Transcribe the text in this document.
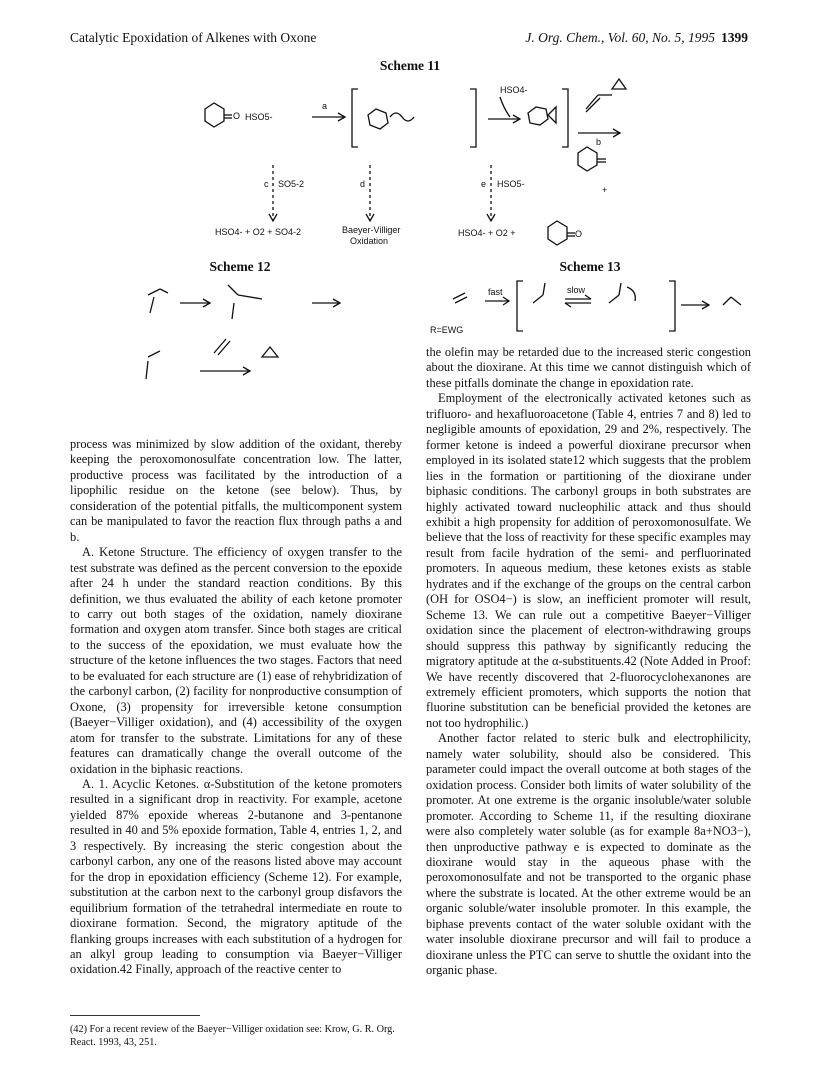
Catalytic Epoxidation of Alkenes with Oxone	J. Org. Chem., Vol. 60, No. 5, 1995 1399
Scheme 11
O HSO5-
a
HSO4-
b
+
c SO5-2	d	e HSO5-
HSO4- + O2 + SO4-2	Baeyer-Villiger
Oxidation
HSO4- + O2 +	O
Scheme 12	Scheme 13
fast	slow
R=EWG

process was minimized by slow addition of the oxidant, thereby keeping the peroxomonosulfate concentration low. The latter, productive process was facilitated by the introduction of a lipophilic residue on the ketone (see below). Thus, by consideration of the potential pitfalls, the multicomponent system can be manipulated to favor the reaction flux through paths a and b.

A. Ketone Structure. The efficiency of oxygen transfer to the test substrate was defined as the percent conversion to the epoxide after 24 h under the standard reaction conditions. By this definition, we thus evaluated the ability of each ketone promoter to carry out both stages of the oxidation, namely dioxirane formation and oxygen atom transfer. Since both stages are critical to the success of the epoxidation, we must evaluate how the structure of the ketone influences the two stages. Factors that need to be evaluated for each structure are (1) ease of rehybridization of the carbonyl carbon, (2) facility for nonproductive consumption of Oxone, (3) propensity for irreversible ketone consumption (Baeyer−Villiger oxidation), and (4) accessibility of the oxygen atom for transfer to the substrate. Limitations for any of these features can dramatically change the overall outcome of the oxidation in the biphasic reactions.

A. 1. Acyclic Ketones. α-Substitution of the ketone promoters resulted in a significant drop in reactivity. For example, acetone yielded 87% epoxide whereas 2-butanone and 3-pentanone resulted in 40 and 5% epoxide formation, Table 4, entries 1, 2, and 3 respectively. By increasing the steric congestion about the carbonyl carbon, any one of the reasons listed above may account for the drop in epoxidation efficiency (Scheme 12). For example, substitution at the carbon next to the carbonyl group disfavors the equilibrium formation of the tetrahedral intermediate en route to dioxirane formation. Second, the migratory aptitude of the flanking groups increases with each substitution of a hydrogen for an alkyl group leading to consumption via Baeyer−Villiger oxidation.42 Finally, approach of the reactive center to

the olefin may be retarded due to the increased steric congestion about the dioxirane. At this time we cannot distinguish which of these pitfalls dominate the change in epoxidation rate.

Employment of the electronically activated ketones such as trifluoro- and hexafluoroacetone (Table 4, entries 7 and 8) led to negligible amounts of epoxidation, 29 and 2%, respectively. The former ketone is indeed a powerful dioxirane precursor when employed in its isolated state12 which suggests that the problem lies in the formation or partitioning of the dioxirane under biphasic conditions. The carbonyl groups in both substrates are highly activated toward nucleophilic attack and thus should exhibit a high propensity for addition of peroxomonosulfate. We believe that the loss of reactivity for these specific examples may result from facile hydration of the semi- and perfluorinated promoters. In aqueous medium, these ketones exists as stable hydrates and if the exchange of the groups on the central carbon (OH for OSO4−) is slow, an inefficient promoter will result, Scheme 13. We can rule out a competitive Baeyer−Villiger oxidation since the placement of electron-withdrawing groups should suppress this pathway by significantly reducing the migratory aptitude at the α-substituents.42 (Note Added in Proof: We have recently discovered that 2-fluorocyclohexanones are extremely efficient promoters, which supports the notion that fluorine substitution can be beneficial provided the ketones are not too hydrophilic.)

Another factor related to steric bulk and electrophilicity, namely water solubility, should also be considered. This parameter could impact the overall outcome at both stages of the oxidation process. Consider both limits of water solubility of the promoter. At one extreme is the organic insoluble/water soluble promoter. According to Scheme 11, if the resulting dioxirane were also completely water soluble (as for example 8a+NO3−), then unproductive pathway e is expected to dominate as the dioxirane would stay in the aqueous phase with the peroxomonosulfate and not be transported to the organic phase where the substrate is located. At the other extreme would be an organic soluble/water insoluble promoter. In this example, the biphase prevents contact of the water soluble oxidant with the water insoluble dioxirane precursor and will fail to produce a dioxirane unless the PTC can serve to shuttle the oxidant into the organic phase.

(42) For a recent review of the Baeyer−Villiger oxidation see: Krow, G. R. Org. React. 1993, 43, 251.
